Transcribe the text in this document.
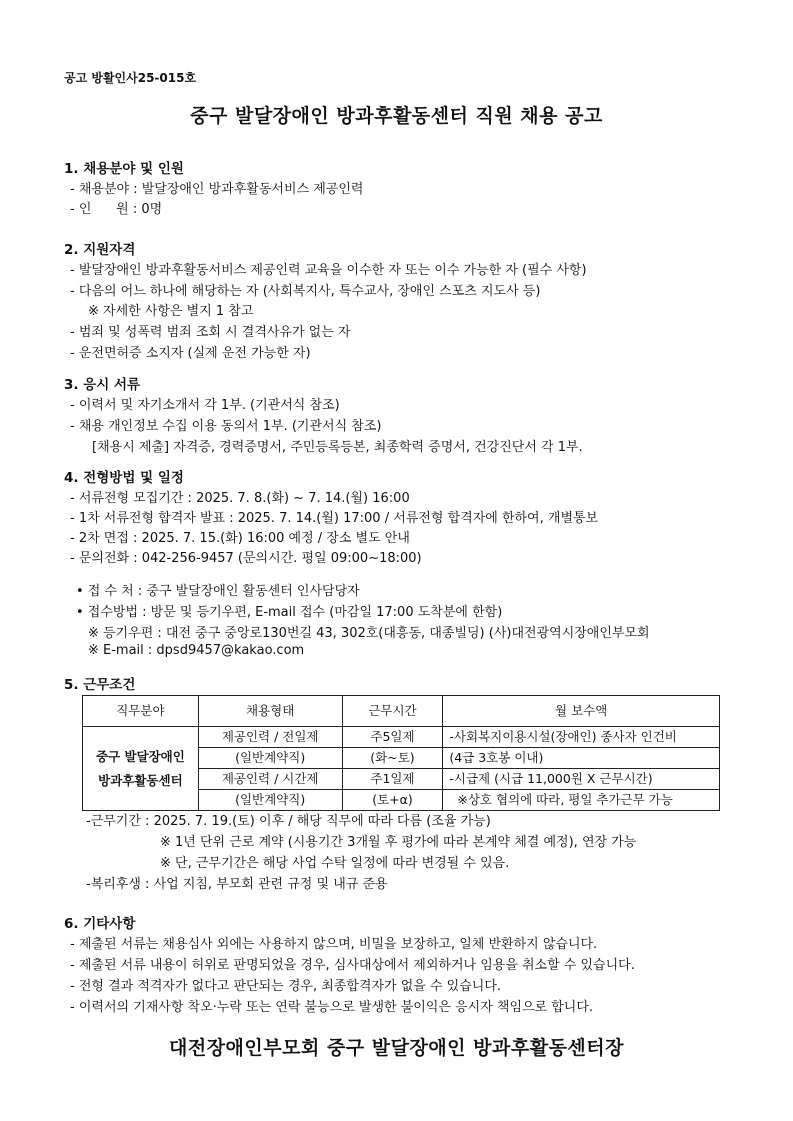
공고 방활인사25-015호
중구 발달장애인 방과후활동센터 직원 채용 공고
1. 채용분야 및 인원
- 채용분야 : 발달장애인 방과후활동서비스 제공인력
- 인      원 : 0명
2. 지원자격
- 발달장애인 방과후활동서비스 제공인력 교육을 이수한 자 또는 이수 가능한 자 (필수 사항)
- 다음의 어느 하나에 해당하는 자 (사회복지사, 특수교사, 장애인 스포츠 지도사 등)
※ 자세한 사항은 별지 1 참고
- 범죄 및 성폭력 범죄 조회 시 결격사유가 없는 자
- 운전면허증 소지자 (실제 운전 가능한 자)
3. 응시 서류
- 이력서 및 자기소개서 각 1부. (기관서식 참조)
- 채용 개인정보 수집 이용 동의서 1부. (기관서식 참조)
[채용시 제출] 자격증, 경력증명서, 주민등록등본, 최종학력 증명서, 건강진단서 각 1부.
4. 전형방법 및 일정
- 서류전형 모집기간 : 2025. 7. 8.(화) ~ 7. 14.(월) 16:00
- 1차 서류전형 합격자 발표 : 2025. 7. 14.(월) 17:00 / 서류전형 합격자에 한하여, 개별통보
- 2차 면접 : 2025. 7. 15.(화) 16:00 예정 / 장소 별도 안내
- 문의전화 : 042-256-9457 (문의시간. 평일 09:00~18:00)
• 접 수 처 : 중구 발달장애인 활동센터 인사담당자
• 접수방법 : 방문 및 등기우편, E-mail 접수 (마감일 17:00 도착분에 한함)
※ 등기우편 : 대전 중구 중앙로130번길 43, 302호(대흥동, 대종빌딩) (사)대전광역시장애인부모회
※ E-mail : dpsd9457@kakao.com
5. 근무조건
직무분야	채용형태	근무시간	월 보수액

중구 발달장애인
방과후활동센터	제공인력 / 전일제	주5일제	-사회복지이용시설(장애인) 종사자 인건비
	(일반계약직)	(화~토)	(4급 3호봉 이내)
	제공인력 / 시간제	주1일제	-시급제 (시급 11,000원 X 근무시간)
	(일반계약직)	(토+α)	※상호 협의에 따라, 평일 추가근무 가능
-근무기간 : 2025. 7. 19.(토) 이후 / 해당 직무에 따라 다름 (조율 가능)
※ 1년 단위 근로 계약 (시용기간 3개월 후 평가에 따라 본계약 체결 예정), 연장 가능
※ 단, 근무기간은 해당 사업 수탁 일정에 따라 변경될 수 있음.
-복리후생 : 사업 지침, 부모회 관련 규정 및 내규 준용
6. 기타사항
- 제출된 서류는 채용심사 외에는 사용하지 않으며, 비밀을 보장하고, 일체 반환하지 않습니다.
- 제출된 서류 내용이 허위로 판명되었을 경우, 심사대상에서 제외하거나 임용을 취소할 수 있습니다.
- 전형 결과 적격자가 없다고 판단되는 경우, 최종합격자가 없을 수 있습니다.
- 이력서의 기재사항 착오·누락 또는 연락 불능으로 발생한 불이익은 응시자 책임으로 합니다.
대전장애인부모회 중구 발달장애인 방과후활동센터장
